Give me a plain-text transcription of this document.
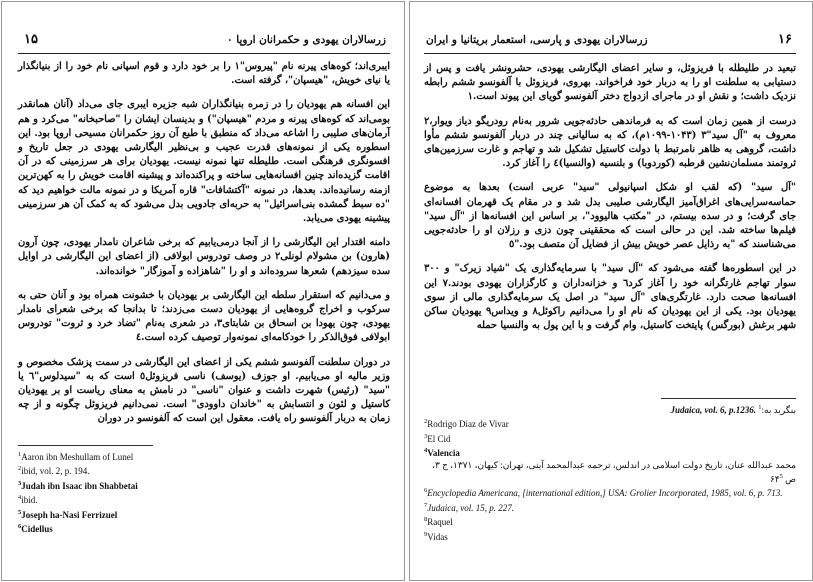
۱۵	زرسالاران یهودی و حکمرانان اروپا ۰

ایبری‌اند؛ کوه‌های پیرنه نام "پیروس"١ را بر خود دارد و قوم اسپانی نام خود را از بنیانگذار یا نیای خویش، "هیسپان"، گرفته است.

این افسانه هم یهودیان را در زمره بنیانگذاران شبه جزیره ایبری جای می‌داد (آنان همانقدر بومی‌اند که کوه‌های پیرنه و مردم "هیسپان") و بدینسان ایشان را "صاحبخانه" می‌کرد و هم آرمان‌های صلیبی را اشاعه می‌داد که منطبق با طبع آن روز حکمرانان مسیحی اروپا بود. این اسطوره یکی از نمونه‌های قدرت عجیب و بی‌نظیر الیگارشی یهودی در جعل تاریخ و افسونگری فرهنگی است. طلیطله تنها نمونه نیست. یهودیان برای هر سرزمینی که در آن اقامت گزیده‌اند چنین افسانه‌هایی ساخته و پراکنده‌اند و پیشینه اقامت خویش را به کهن‌ترین ازمنه رسانیده‌اند. بعدها، در نمونه "آکتشافات" قاره آمریکا و در نمونه مالت خواهیم دید که "ده سبط گمشده بنی‌اسرائیل" به حربه‌ای جادویی بدل می‌شود که به کمک آن هر سرزمینی پیشینه یهودی می‌یابد.

دامنه اقتدار این الیگارشی را از آنجا درمی‌یابیم که برخی شاعران نامدار یهودی، چون آرون (هارون) بن مشولام لونلی٢ در وصف تودروس ابولافی (از اعضای این الیگارشی در اوایل سده سیزدهم) شعرها سروده‌اند و او را "شاهزاده و آموزگار" خوانده‌اند.

و می‌دانیم که استقرار سلطه این الیگارشی بر یهودیان با خشونت همراه بود و آنان حتی به سرکوب و اخراج گروه‌هایی از یهودیان دست می‌زدند؛ تا بدانجا که برخی شعرای نامدار یهودی، چون یهودا بن اسحاق بن شابتای٣، در شعری به‌نام "تضاد خرد و ثروت" تودروس ابولافی فوق‌الذکر را خودکامه‌ای نمونه‌وار توصیف کرده است.٤

در دوران سلطنت آلفونسو ششم یکی از اعضای این الیگارشی در سمت پزشک مخصوص و وزیر مالیه او می‌یابیم. او جوزف (یوسف) ناسی فریزوئل٥ است که به "سیدلوس"٦ یا "سید" (رئیس) شهرت داشت و عنوان "ناسی" در نامش به معنای ریاست او بر یهودیان کاستیل و لئون و انتسابش به "خاندان داوودی" است. نمی‌دانیم فریزوئل چگونه و از چه زمان به دربار آلفونسو راه یافت. معقول این است که آلفونسو در دوران

$^1$Aaron ibn Meshullam of Lunel
$^2$ibid, vol. 2, p. 194.
$^3$Judah ibn Isaac ibn Shabbetai
$^4$ibid.
$^5$Joseph ha-Nasi Ferrizuel
$^6$Cidellus
زرسالاران یهودی و پارسی، استعمار بریتانیا و ایران	۱۶

تبعید در طلیطله با فریزوئل، و سایر اعضای الیگارشی یهودی، حشرونشر یافت و پس از دستیابی به سلطنت او را به دربار خود فراخواند. بهروی، فریزوئل با آلفونسو ششم رابطه نزدیک داشت؛ و نقش او در ماجرای ازدواج دختر آلفونسو گویای این پیوند است.١

درست از همین زمان است که به فرماندهی حادثه‌جویی شرور به‌نام رودریگو دیاز ویوار،٢ معروف به "آل سید"٣ (۱۰۴۳-۱۰۹۹م)، که به‌ سالیانی چند در دربار آلفونسو ششم مأوا داشت، گروهی به ظاهر نامرتبط با دولت کاستیل تشکیل شد و تهاجم و غارت سرزمین‌های ثروتمند مسلمان‌نشین قرطبه (کوردوبا) و بلنسیه (والنسیا)٤ را آغاز کرد.

"آل سید" (که لقب او شکل اسپانیولی "سید" عربی است) بعدها به موضوع حماسه‌سرایی‌های اغراق‌آمیز الیگارشی صلیبی بدل شد و در مقام یک قهرمان افسانه‌ای جای گرفت؛ و در سده بیستم، در "مکتب هالیوود"، بر اساس این افسانه‌ها از "آل سید" فیلم‌ها ساخته شد. این در حالی است که محققینی چون دزی و رزلان او را حادثه‌جویی می‌شناسند که "به رذایل عصر خویش بیش از فضایل آن متصف بود."٥

در این اسطوره‌ها گفته می‌شود که "آل سید" با سرمایه‌گذاری یک "شیاد زیرک" و ۳۰۰ سوار تهاجم غارتگرانه خود را آغاز کرد٦ و خزانه‌داران و کارگزاران یهودی بودند.٧ این افسانه‌ها صحت دارد. غارتگری‌های "آل سید" در اصل یک سرمایه‌گذاری مالی از سوی یهودیان بود. یکی از این یهودیان که نام او را می‌دانیم راکوئل٨ و ویداس٩ یهودیان ساکن شهر برغش (بورگس) پایتخت کاستیل، وام گرفت و با این پول به والنسیا حمله

Judaica, vol. 6, p.1236. بنگرید به:$^1$
$^2$Rodrigo Diaz de Vivar
$^3$El Cid
$^4$Valencia
محمد عبدالله عنان، تاریخ دولت اسلامی در اندلس، ترجمه عبدالمحمد آیتی، تهران: کیهان، ۱۳۷۱، ج ۳، ص $۶۴^5$
$^6$Encyclopedia Americana, [international edition,] USA: Grolier Incorporated, 1985, vol. 6, p. 713.
$^7$Judaica, vol. 15, p. 227.
$^8$Raquel
$^9$Vidas
